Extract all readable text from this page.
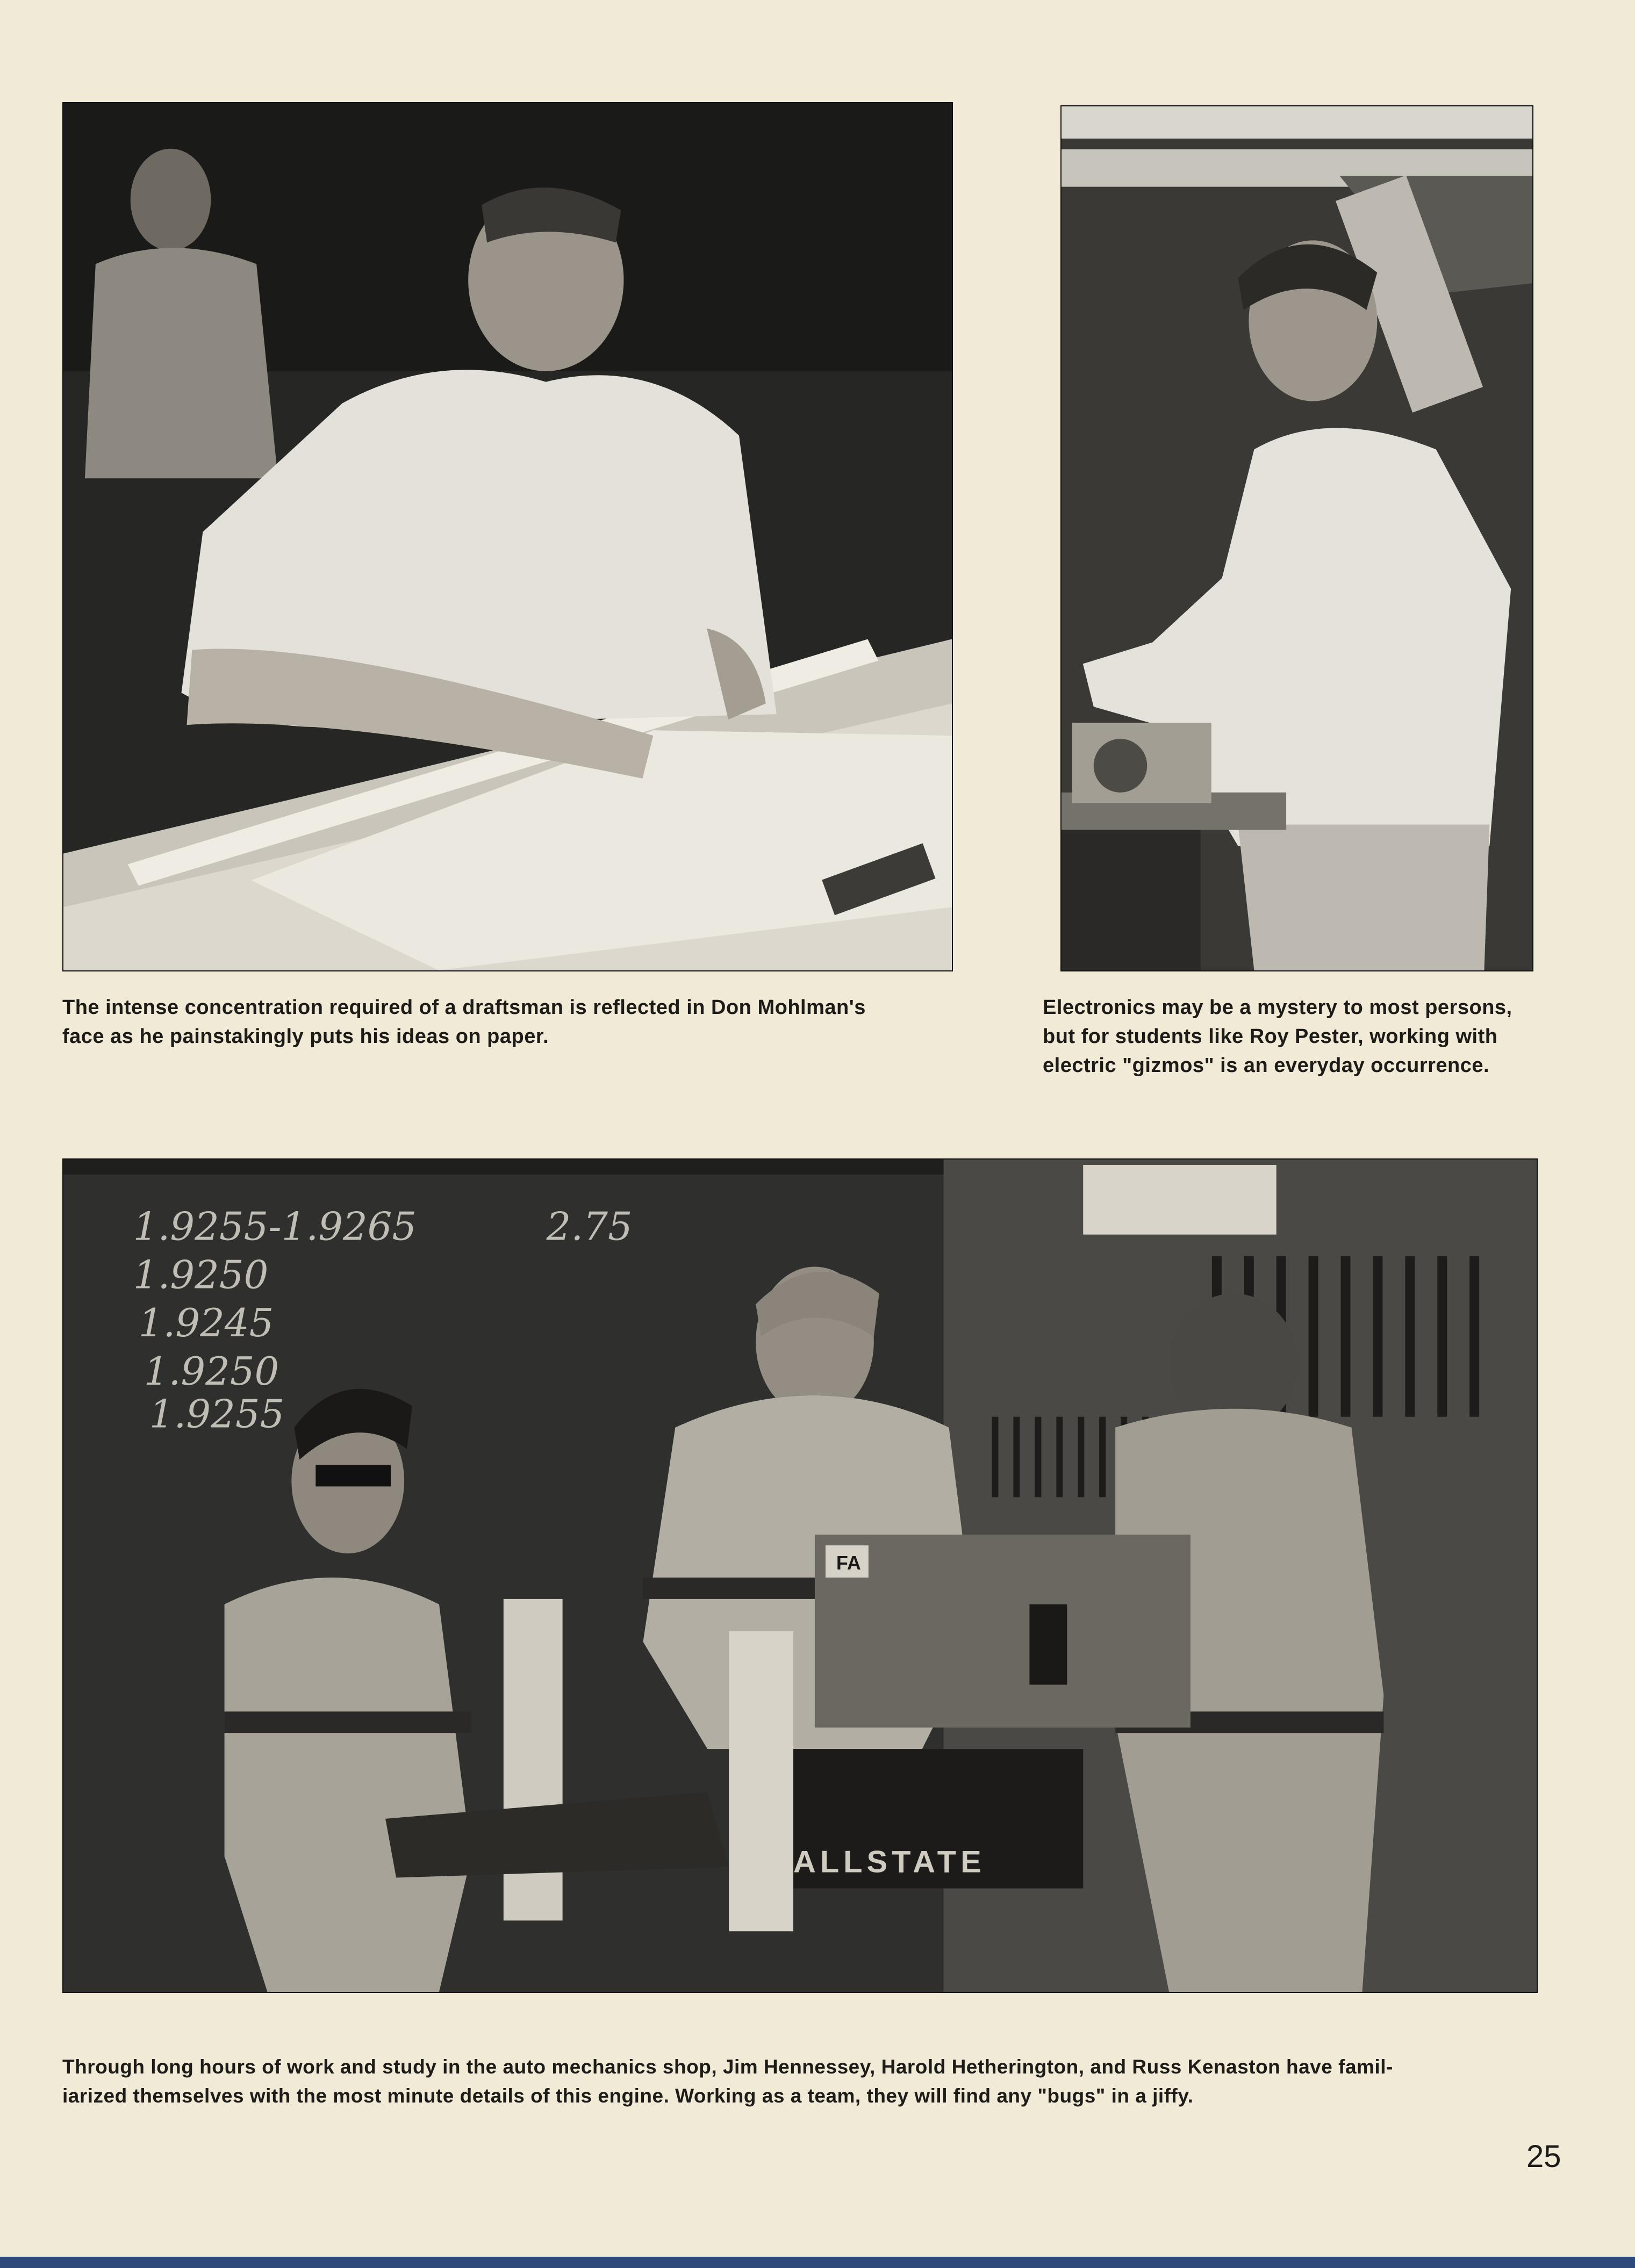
The intense concentration required of a draftsman is reflected in Don Mohlman's
face as he painstakingly puts his ideas on paper.
Electronics may be a mystery to most persons,
but for students like Roy Pester, working with
electric "gizmos" is an everyday occurrence.
1.9255-1.9265
1.9250
1.9245
1.9250
1.9255
2.75
FA
ALLSTATE
Through long hours of work and study in the auto mechanics shop, Jim Hennessey, Harold Hetherington, and Russ Kenaston have famil-
iarized themselves with the most minute details of this engine. Working as a team, they will find any "bugs" in a jiffy.
25
